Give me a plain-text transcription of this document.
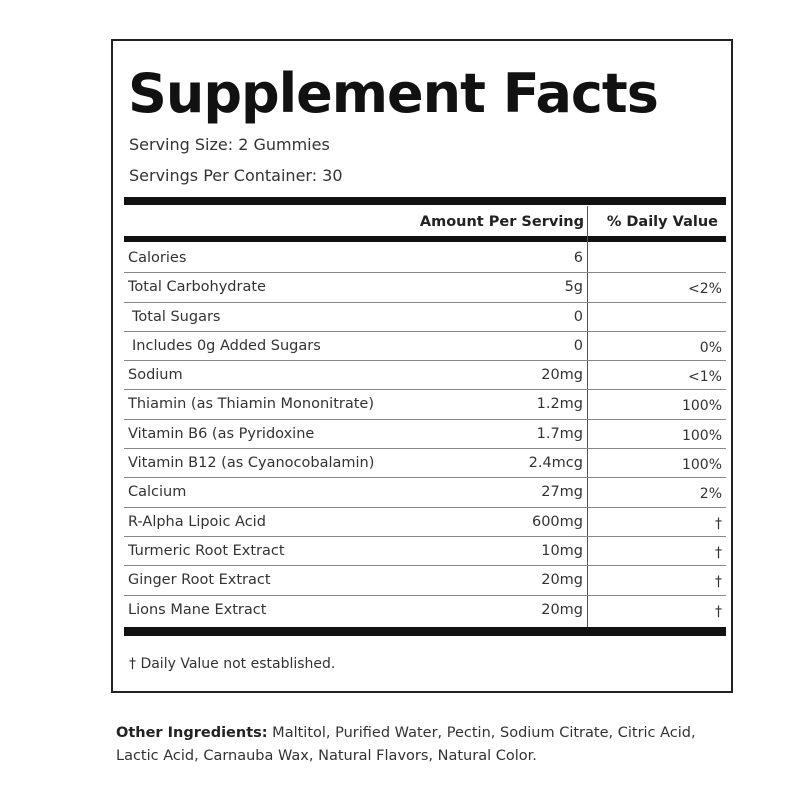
Supplement Facts
Serving Size: 2 Gummies
Servings Per Container: 30
Amount Per Serving % Daily Value
Calories	6
Total Carbohydrate	5g	<2%
Total Sugars	0
Includes 0g Added Sugars	0	0%
Sodium	20mg	<1%
Thiamin (as Thiamin Mononitrate)	1.2mg	100%
Vitamin B6 (as Pyridoxine	1.7mg	100%
Vitamin B12 (as Cyanocobalamin)	2.4mcg	100%
Calcium	27mg	2%
R-Alpha Lipoic Acid	600mg	†
Turmeric Root Extract	10mg	†
Ginger Root Extract	20mg	†
Lions Mane Extract	20mg	†
† Daily Value not established.
Other Ingredients: Maltitol, Purified Water, Pectin, Sodium Citrate, Citric Acid, Lactic Acid, Carnauba Wax, Natural Flavors, Natural Color.
